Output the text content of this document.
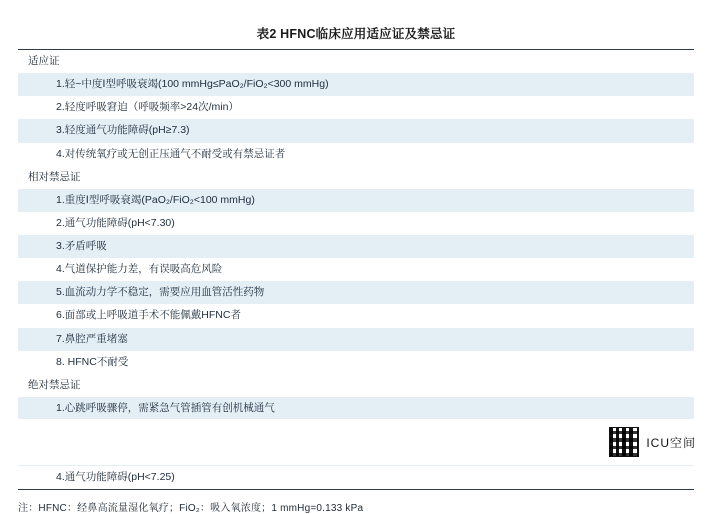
表2 HFNC临床应用适应证及禁忌证
适应证
1.轻~中度Ⅰ型呼吸衰竭(100 mmHg≤PaO₂/FiO₂<300 mmHg)
2.轻度呼吸窘迫（呼吸频率>24次/min）
3.轻度通气功能障碍(pH≥7.3)
4.对传统氧疗或无创正压通气不耐受或有禁忌证者
相对禁忌证
1.重度Ⅰ型呼吸衰竭(PaO₂/FiO₂<100 mmHg)
2.通气功能障碍(pH<7.30)
3.矛盾呼吸
4.气道保护能力差，有误吸高危风险
5.血流动力学不稳定，需要应用血管活性药物
6.面部或上呼吸道手术不能佩戴HFNC者
7.鼻腔严重堵塞
8. HFNC不耐受
绝对禁忌证
1.心跳呼吸骤停，需紧急气管插管有创机械通气
4.通气功能障碍(pH<7.25)
注：HFNC：经鼻高流量湿化氧疗；FiO₂：吸入氧浓度；1 mmHg=0.133 kPa
ICU空间
